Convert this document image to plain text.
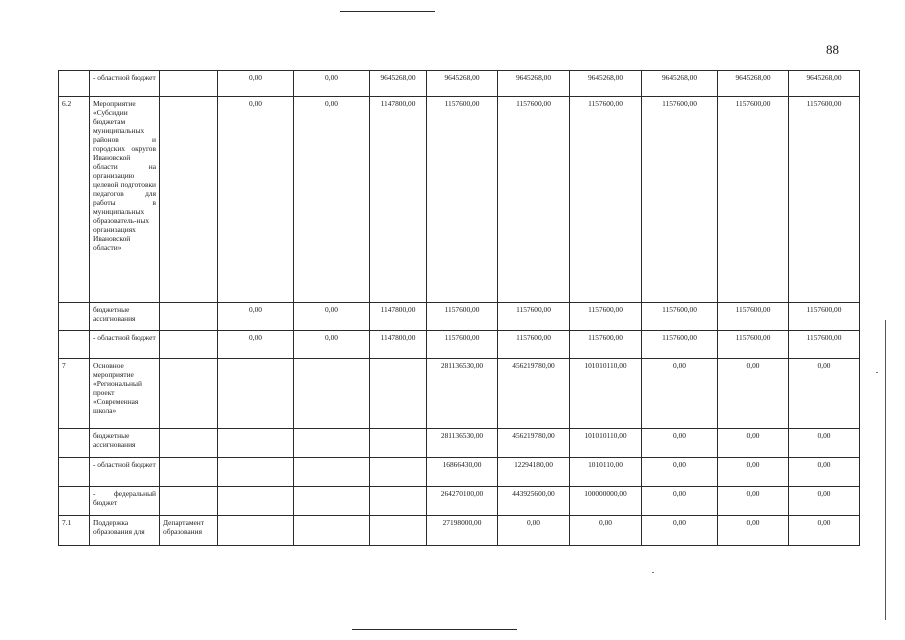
88
	- областной бюджет		0,00	0,00	9645268,00	9645268,00	9645268,00	9645268,00	9645268,00	9645268,00	9645268,00
6.2	Мероприятие «Субсидии бюджетам муниципальных районов и городских округов Ивановской области на организацию целевой подготовки педагогов для работы в муниципальных образователь-ных организациях Ивановской области»		0,00	0,00	1147800,00	1157600,00	1157600,00	1157600,00	1157600,00	1157600,00	1157600,00
	бюджетные ассигнования		0,00	0,00	1147800,00	1157600,00	1157600,00	1157600,00	1157600,00	1157600,00	1157600,00
	- областной бюджет		0,00	0,00	1147800,00	1157600,00	1157600,00	1157600,00	1157600,00	1157600,00	1157600,00
7	Основное мероприятие «Региональный проект «Современная школа»					281136530,00	456219780,00	101010110,00	0,00	0,00	0,00
	бюджетные ассигнования					281136530,00	456219780,00	101010110,00	0,00	0,00	0,00
	- областной бюджет					16866430,00	12294180,00	1010110,00	0,00	0,00	0,00
	- федеральный бюджет					264270100,00	443925600,00	100000000,00	0,00	0,00	0,00
7.1	Поддержка образования для	Департамент образования				27198000,00	0,00	0,00	0,00	0,00	0,00
